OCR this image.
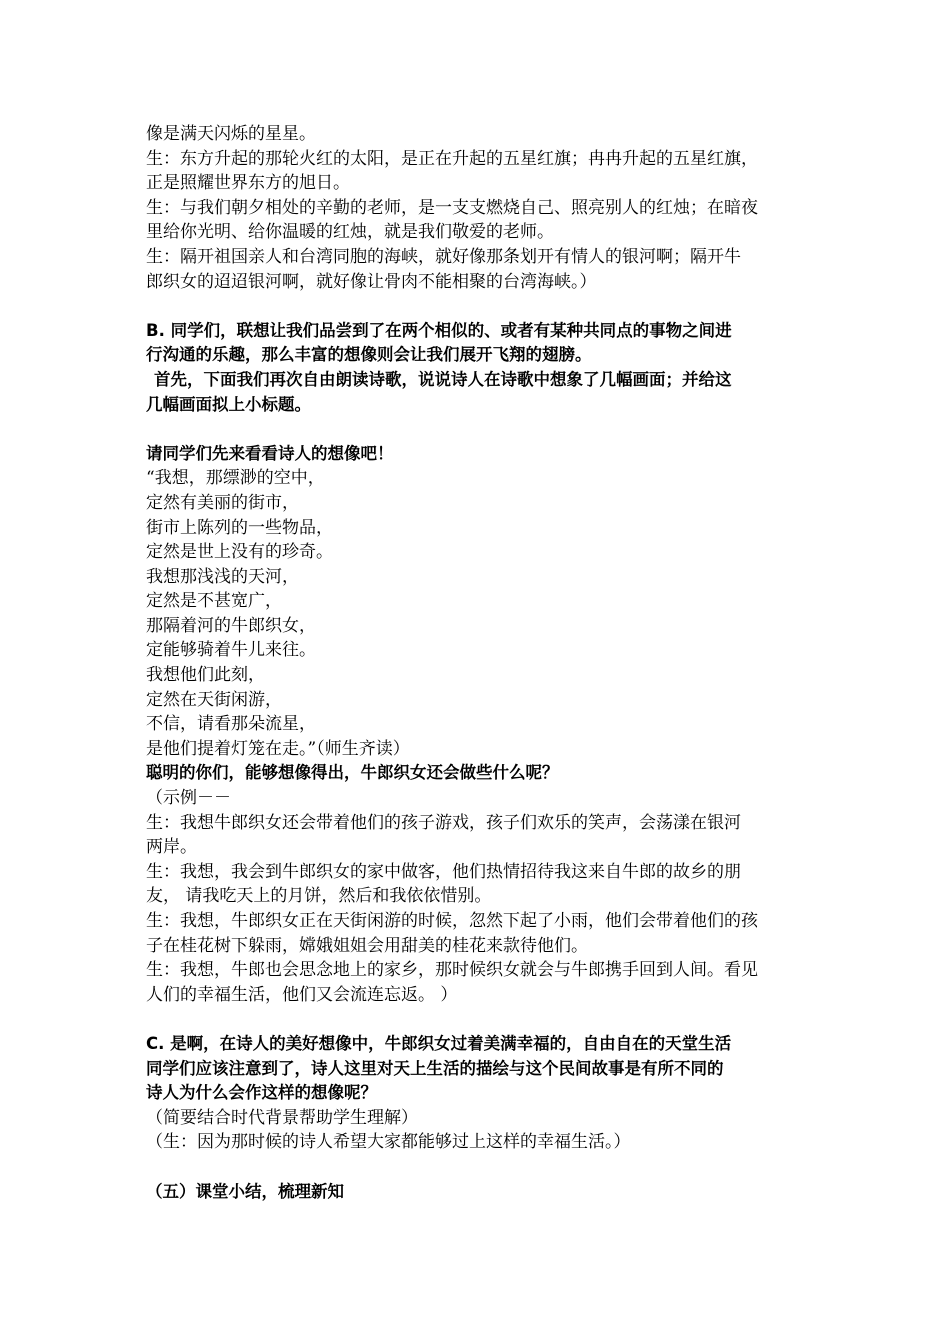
像是满天闪烁的星星。
生：东方升起的那轮火红的太阳，是正在升起的五星红旗；冉冉升起的五星红旗，
正是照耀世界东方的旭日。
生：与我们朝夕相处的辛勤的老师，是一支支燃烧自己、照亮别人的红烛；在暗夜
里给你光明、给你温暖的红烛，就是我们敬爱的老师。
生：隔开祖国亲人和台湾同胞的海峡，就好像那条划开有情人的银河啊；隔开牛
郎织女的迢迢银河啊，就好像让骨肉不能相聚的台湾海峡。）
B. 同学们，联想让我们品尝到了在两个相似的、或者有某种共同点的事物之间进
行沟通的乐趣，那么丰富的想像则会让我们展开飞翔的翅膀。
首先，下面我们再次自由朗读诗歌，说说诗人在诗歌中想象了几幅画面；并给这
几幅画面拟上小标题。
请同学们先来看看诗人的想像吧！
“我想，那缥渺的空中，
定然有美丽的街市，
街市上陈列的一些物品，
定然是世上没有的珍奇。
我想那浅浅的天河，
定然是不甚宽广，
那隔着河的牛郎织女，
定能够骑着牛儿来往。
我想他们此刻，
定然在天街闲游，
不信，请看那朵流星，
是他们提着灯笼在走。”（师生齐读）
聪明的你们，能够想像得出，牛郎织女还会做些什么呢？
（示例－－
生：我想牛郎织女还会带着他们的孩子游戏，孩子们欢乐的笑声，会荡漾在银河
两岸。
生：我想，我会到牛郎织女的家中做客，他们热情招待我这来自牛郎的故乡的朋
友， 请我吃天上的月饼，然后和我依依惜别。
生：我想，牛郎织女正在天街闲游的时候，忽然下起了小雨，他们会带着他们的孩
子在桂花树下躲雨，嫦娥姐姐会用甜美的桂花来款待他们。
生：我想，牛郎也会思念地上的家乡，那时候织女就会与牛郎携手回到人间。看见
人们的幸福生活，他们又会流连忘返。 ）
C. 是啊，在诗人的美好想像中，牛郎织女过着美满幸福的，自由自在的天堂生活
同学们应该注意到了，诗人这里对天上生活的描绘与这个民间故事是有所不同的
诗人为什么会作这样的想像呢？
（简要结合时代背景帮助学生理解）
（生：因为那时候的诗人希望大家都能够过上这样的幸福生活。）
（五）课堂小结，梳理新知
